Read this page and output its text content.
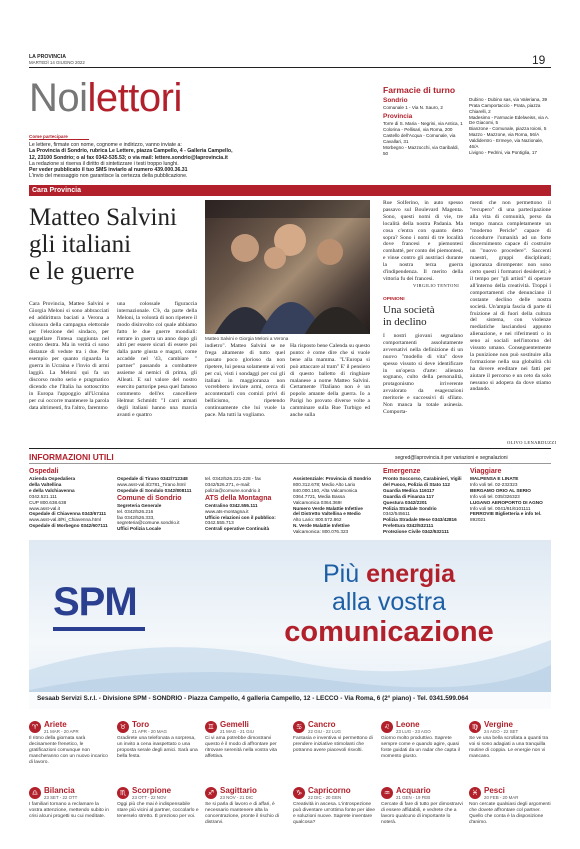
LA PROVINCIA
MARTEDÌ 14 GIUGNO 2022	19
Noilettori
Come partecipare
Le lettere, firmate con nome, cognome e indirizzo, vanno inviate a:
La Provincia di Sondrio, rubrica Le Lettere, piazza Campello, 4 - Galleria Campello,
12, 23100 Sondrio; o al fax 0342-535.53; o via mail: lettere.sondrio@laprovincia.it
La redazione si riserva il diritto di sintetizzare i testi troppo lunghi.
Per veder pubblicato il tuo SMS inviarlo al numero 439.000.36.31
L'invio del messaggio non garantisce la certezza della pubblicazione.
Farmacie di turno
Sondrio
Comunale 1 - Via N. Sauro, 2
Provincia
Torre di S. Maria - Negrini, via Antica, 1
Colorina - Pellisari, via Roma, 200
Castello dell'Acqua - Comunale, via Cavallari, 31
Morbegno - Mazzocchi, via Garibaldi, 50
Dubino - Dubino sas, via Valeriana, 39
Prata Camportaccio - Prata, piazza Chiarelli, 2
Madesimo - Farmacie Edelweiss, via A. De Giacomi, 5
Bianzone - Comunale, piazza Ioioni, 5
Mazzo - Mazzone, via Roma, 56/A
Valdidentro - Ermeye, via Nazionale, 46/A
Livigno - Pedrini, via Pontiglia, 17
Cara Provincia
Matteo Salvini
gli italiani
e le guerre
Matteo Salvini e Giorgia Meloni a Verona
Cara Provincia, Matteo Salvini e Giorgia Meloni si sono abbracciati ed addirittura baciati a Verona a chiusura della campagna elettorale per l'elezione del sindaco, per suggellare l'intesa raggiunta nel centro destra. Ma in verità ci sono distanze di vedute tra i due. Per esempio per quanto riguarda la guerra in Ucraina e l'invio di armi laggiù. La Meloni qui fa un discorso molto serio e pragmatico dicendo che l'Italia ha sottoscritto in Europa l'appoggio all'Ucraina per cui occorre mantenere la parola data altrimenti, fra l'altro, faremmo
una colossale figuraccia internazionale. C'è, da parte della Meloni, la volontà di non ripetere il modo disinvolto col quale abbiamo fatto le due guerre mondiali: entrare in guerra un anno dopo gli altri per essere sicuri di essere poi dalla parte giusta e magari, come accadde nel '43, cambiare " partner" passando a combattere assieme ai nemici di prima, gli Alleati. E sul valore del nostro esercito partoripe pesa quel famoso commento dell'ex cancelliere Helmut Schmidt: "I carri armati degli italiani hanno una marcia avanti e quattro
indietro". Matteo Salvini se ne frega altamente di tutto quel passato poco glorioso da non ripetere, lui pensa solamente ai voti per cui, visti i sondaggi per cui gli italiani in maggioranza non vorrebbero inviare armi, cerca di accontentarli con comizi privi di bellicismo, ripetendo continuamente che lui vuole la pace. Ma tutti la vogliamo.
Ha risposto bene Calenda su questo punto: è come dire che si vuole bene alla mamma. "L'Europa si può attaccare al tram" E' il pensiero di questo balletto di ringhiare malanese a nome Matteo Salvini. Certamente l'Italiano non è un popolo amante della guerra. Io a Parigi ho provato diverse volte a camminare sulla Rue Turbigo ed anche sulla
Rue Solferino, in auto spesso passavo sul Boulevard Magenta. Sono, questi nomi di vie, tre località della nostra Padania. Ma cosa c'entra con quanto detto sopra? Sono i nomi di tre località dove francesi e piemontesi combatté, per conto dei piemontesi, e vinse contro gli austriaci durante la nostra terza guerra d'indipendenza. Il merito della vittoria fu dei francesi.
VIRGILIO TENTONI
OPINIONI
Una società
in declino
I nostri giovani segnalano comportamenti assolutamente avversativi nella definizione di un nuovo "modello di vita" dove spesso vissuto si deve identificare in un'opera d'arte: alienato sognano, culto della personalità, protagonismo irriverente avvalorato da esagerazioni meritorie e successivi di sfilato. Non manca la totale asinesia. Comporta-
menti che non permettono il "recupero" di una partecipazione alla vita di comunità, perso da tempo manca completamente un "moderno Pericle" capace di ricondurre l'umanità ad un forte discernimento capace di costruire un "nuovo procedere". Saccenti maestri, gruppi disciplinati; ignoranza dirompente: non sono certo questi i formatori desiderati; è il tempo per "gli artisti" di operare all'interno della creatività. Troppi i comportamenti che denunciano il costante declino delle nostra società. Un'ampia fascia di parte di fruizione al di fuori della cultura del sistema, con violenze mediatiche lasciandosi appunto alienazione, e nei riferimenti o in seno ai sociali nell'intorno del vissuto umano. Conseguentemente la punizione non può sostituire alla formazione nella sua globalità chi ha dovere ereditare nei fatti per aiutare il percorso e un ceto da solo nessuno si adopera da dove stiamo andando.
OLIVO LENARDUZZI
INFORMAZIONI UTILI	segred@laprovincia.it per variazioni e segnalazioni
Ospedali
Azienda Ospedaliera
della Valtellina
e della Valchiavenna
0342.521.111
CUP 800.638.638
www.asst-val.it
Ospedale di Chiavenna 0343/67111
www.asst-val.it/Ri_Chiavenna.html
Ospedale di Morbegno 0342/607111
Ospedale di Tirano 0342/712348
www.asst-val.it/2781_Tirano.html
Ospedale di Sondalo 0342/808111
Comune di Sondrio
Segreteria Generale
tel. 0342/526.216
fax 0342/526.333,
segreteria@comune.sondrio.it
Uffici Polizia Locale
tel. 0342/526.221-228 - fax
0342/526.271, e-mail:
polizia@comune.sondrio.it
ATS della Montagna
Centralino 0342.555.111
www.ats-montagna.it
Ufficio relazioni con il pubblico:
0342.555.713
Centrali operative Continuità
Assistenziale: Provincia di Sondrio
800.312.678; Medio Alto Lario
840.000.160, Alta Valcamonica
0364.7721, Media Bassa
Valcamonica 0364.369I
Numero Verde Malattie Infettive
del Distretto Valtellina e Medio
Alto Lario: 800.572.862
N. Verde Malattie Infettive
Valcamonica: 800.076.323
Emergenze
Pronto Soccorso, Carabinieri, Vigili
del Fuoco, Polizia di Stato 112
Guardia Medica 116117
Guardia di Finanza 117
Questura 0342/2201
Polizia Stradale Sondrio
0342/545611
Polizia Stradale Mese 0343/42816
Prefettura 0342/532111
Protezione Civile 0342/532111
Viaggiare
MALPENSA E LINATE
Info voli tel. 02-232323
BERGAMO ORIO AL SERIO
Info voli tel. 035/326323
LUGANO AEROPORTO DI AGNO
Info voli tel. 0041/91/6101111
FERROVIE Biglietteria e info tel.
892021
SPM
Più energia
alla vostra
comunicazione
Sesaab Servizi S.r.l. - Divisione SPM - SONDRIO - Piazza Campello, 4 galleria Campello, 12 - LECCO - Via Roma, 6 (2° piano) - Tel. 0341.599.064
♈ Ariete
21 MAR - 20 APR
Il ritmo della giornata sarà decisamente frenetico, le gratificazioni comunque non mancheranno con un nuovo incarico di lavoro.
♉ Toro
21 APR - 20 MAG
Gradirete una telefonata a sorpresa, un invito a cena inaspettato o una proposta serale degli amici. Sarà una bella festa.
♊ Gemelli
21 MAG - 21 GIU
Ci vi ama potrebbe dimostrarvi questo è il modo di affrontare per ritrovare serenità nella vostra vita affettiva.
♋ Cancro
22 GIU - 22 LUG
Fantasia e inventiva vi permettono di prendere iniziative stimolanti che potranno avere piacevoli risvolti.
♌ Leone
23 LUG - 23 AGO
Giorno molto produttivo. Saprete sempre come e quando agire, quasi foste guidati da un radar che capta il momento giusto.
♍ Vergine
24 AGO - 22 SET
Se ve una bella scrollata a quanti tra voi si sono adagiati a una tranquilla routine di coppia. Le energie non vi mancano.
♎ Bilancia
23 SET - 22 OTT
I familiari tornano a reclamare la vostra attenzione, mettendo subito in crisi alcuni progetti su cui meditate.
♏ Scorpione
23 OTT - 22 NOV
Oggi più che mai è indispensabile stare più vicini al partner, coccolarlo e tenerselo stretto. È prezioso per voi.
♐ Sagittario
23 NOV - 21 DIC
Se si parla di lavoro e di affari, è necessario mantenere alta la concentrazione, pronte il rischio di distrarvi.
♑ Capricorno
22 DIC - 20 GEN
Creatività in ascesa. L'introspezione può diventare un'ottima fonte per idee e soluzioni nuove. Saprete inventare qualcosa?
♒ Acquario
21 GEN - 19 FEB
Cercate di fare di tutto per dimostrarvi di essere affidabili, e vedrete che a lavoro qualcuno di importante lo noterà.
♓ Pesci
20 FEB - 20 MAR
Non cercate qualsiasi degli argomenti che dovete affrontare col partner. Quello che conta è la disposizione d'animo.
